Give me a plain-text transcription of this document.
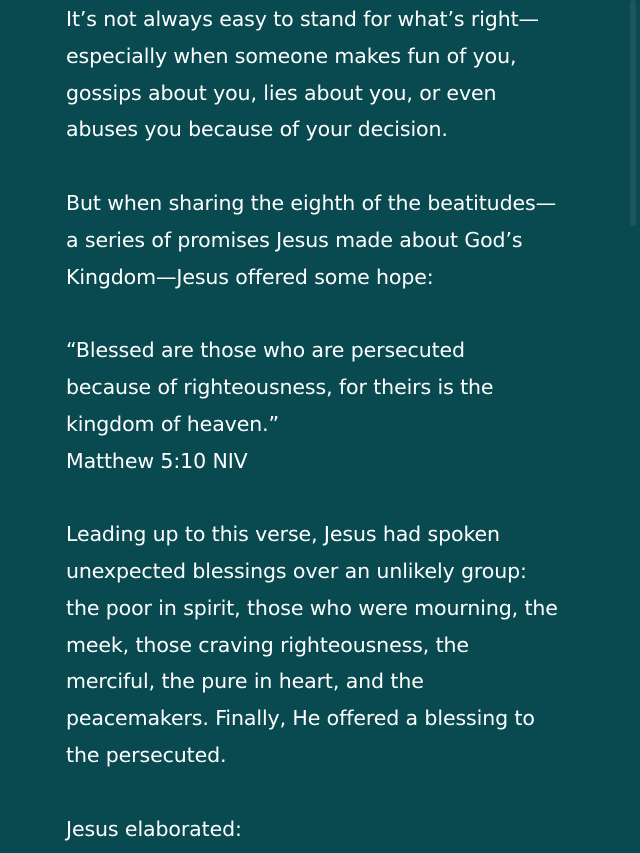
It’s not always easy to stand for what’s right—
especially when someone makes fun of you,
gossips about you, lies about you, or even
abuses you because of your decision.

But when sharing the eighth of the beatitudes—
a series of promises Jesus made about God’s
Kingdom—Jesus offered some hope:

“Blessed are those who are persecuted
because of righteousness, for theirs is the
kingdom of heaven.”
Matthew 5:10 NIV

Leading up to this verse, Jesus had spoken
unexpected blessings over an unlikely group:
the poor in spirit, those who were mourning, the
meek, those craving righteousness, the
merciful, the pure in heart, and the
peacemakers. Finally, He offered a blessing to
the persecuted.

Jesus elaborated:
